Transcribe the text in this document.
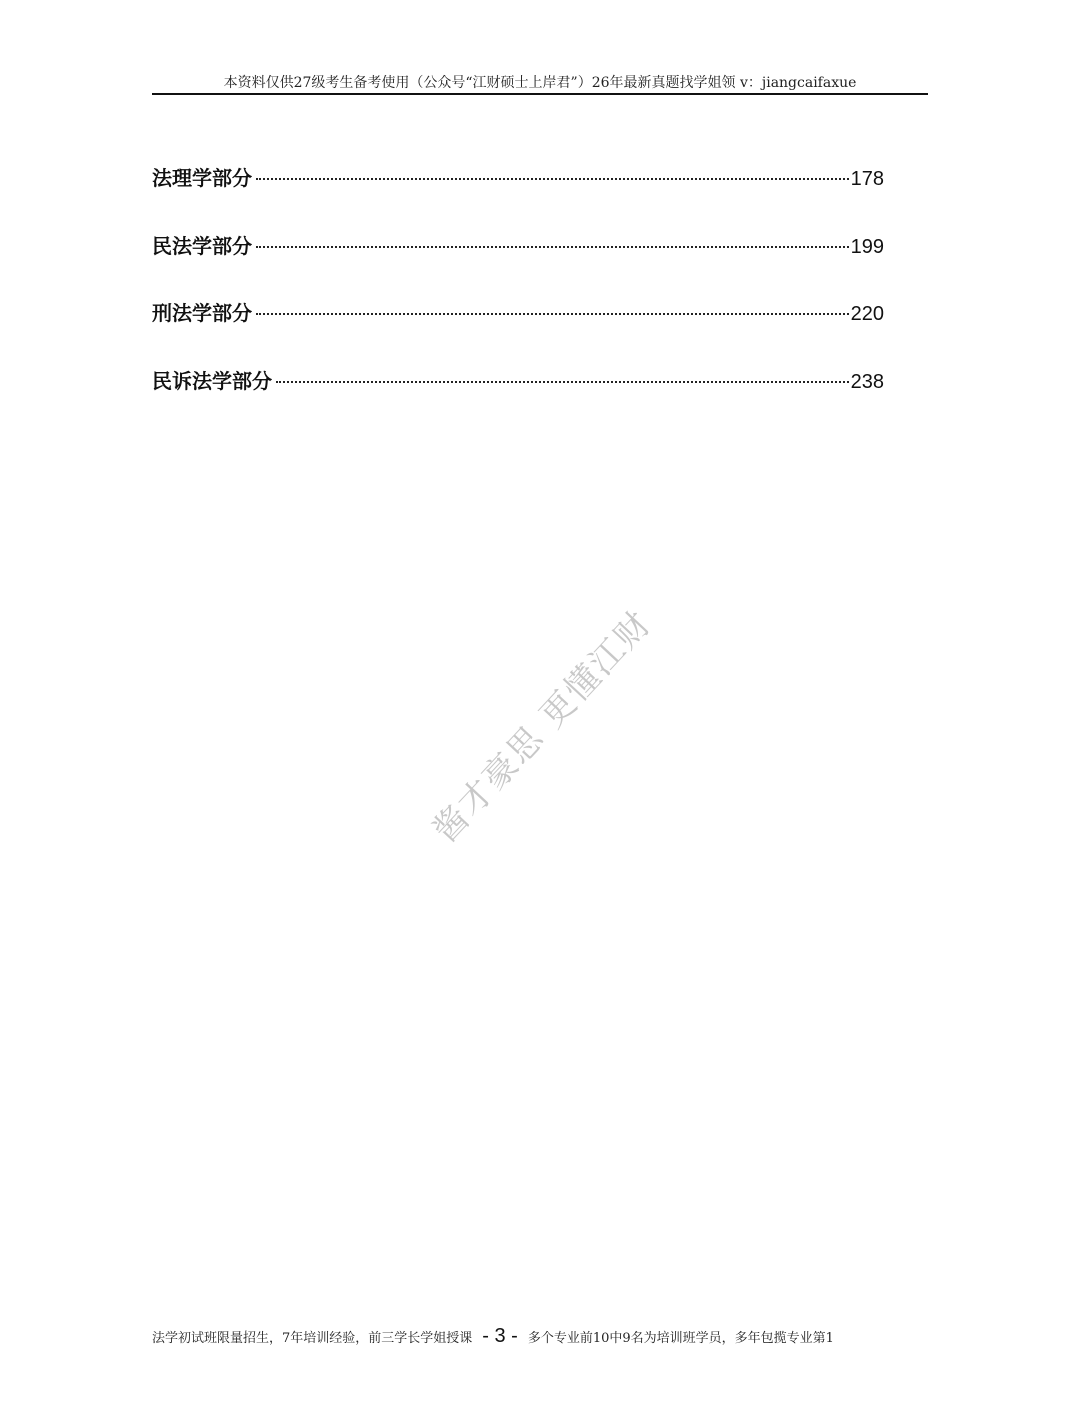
本资料仅供27级考生备考使用（公众号“江财硕士上岸君”）26年最新真题找学姐领 v：jiangcaifaxue
法理学部分	178
民法学部分	199
刑法学部分	220
民诉法学部分	238
酱才豪思 更懂江财
法学初试班限量招生，7年培训经验，前三学长学姐授课 - 3 - 多个专业前10中9名为培训班学员，多年包揽专业第1
